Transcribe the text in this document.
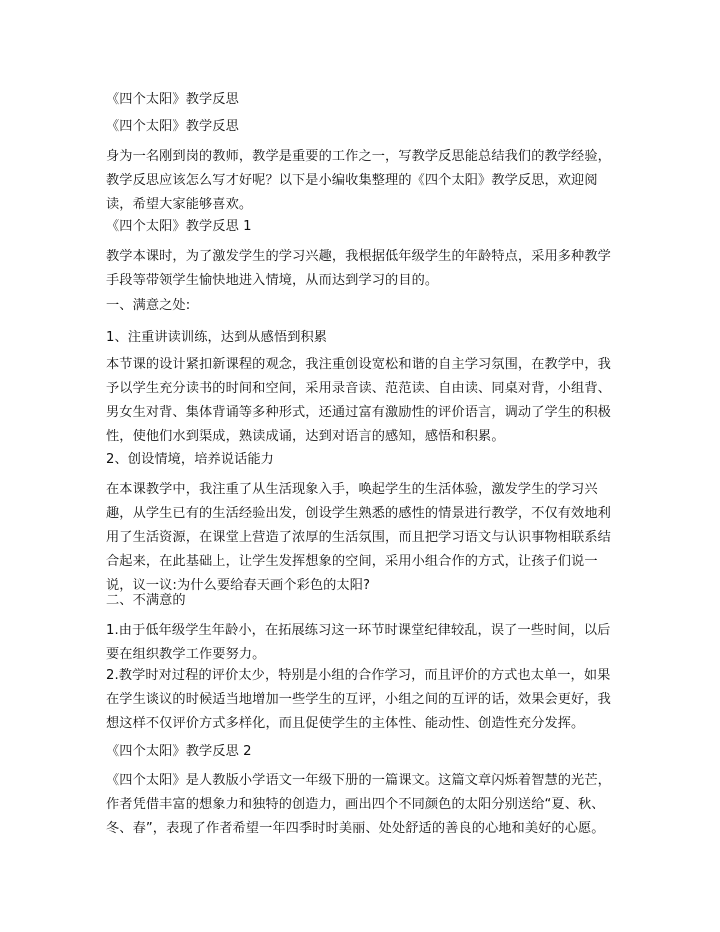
《四个太阳》教学反思

《四个太阳》教学反思

身为一名刚到岗的教师，教学是重要的工作之一，写教学反思能总结我们的教学经验，教学反思应该怎么写才好呢？以下是小编收集整理的《四个太阳》教学反思，欢迎阅读，希望大家能够喜欢。

《四个太阳》教学反思 1

教学本课时，为了激发学生的学习兴趣，我根据低年级学生的年龄特点，采用多种教学手段等带领学生愉快地进入情境，从而达到学习的目的。

一、满意之处:

1、注重讲读训练，达到从感悟到积累

本节课的设计紧扣新课程的观念，我注重创设宽松和谐的自主学习氛围，在教学中，我予以学生充分读书的时间和空间，采用录音读、范范读、自由读、同桌对背，小组背、男女生对背、集体背诵等多种形式，还通过富有激励性的评价语言，调动了学生的积极性，使他们水到渠成，熟读成诵，达到对语言的感知，感悟和积累。

2、创设情境，培养说话能力

在本课教学中，我注重了从生活现象入手，唤起学生的生活体验，激发学生的学习兴趣，从学生已有的生活经验出发，创设学生熟悉的感性的情景进行教学，不仅有效地利用了生活资源，在课堂上营造了浓厚的生活氛围，而且把学习语文与认识事物相联系结合起来，在此基础上，让学生发挥想象的空间，采用小组合作的方式，让孩子们说一说，议一议:为什么要给春天画个彩色的太阳?

二、不满意的

1.由于低年级学生年龄小，在拓展练习这一环节时课堂纪律较乱，误了一些时间，以后要在组织教学工作要努力。

2.教学时对过程的评价太少，特别是小组的合作学习，而且评价的方式也太单一，如果在学生谈议的时候适当地增加一些学生的互评，小组之间的互评的话，效果会更好，我想这样不仅评价方式多样化，而且促使学生的主体性、能动性、创造性充分发挥。

《四个太阳》教学反思 2

《四个太阳》是人教版小学语文一年级下册的一篇课文。这篇文章闪烁着智慧的光芒，作者凭借丰富的想象力和独特的创造力，画出四个不同颜色的太阳分别送给“夏、秋、冬、春”，表现了作者希望一年四季时时美丽、处处舒适的善良的心地和美好的心愿。
